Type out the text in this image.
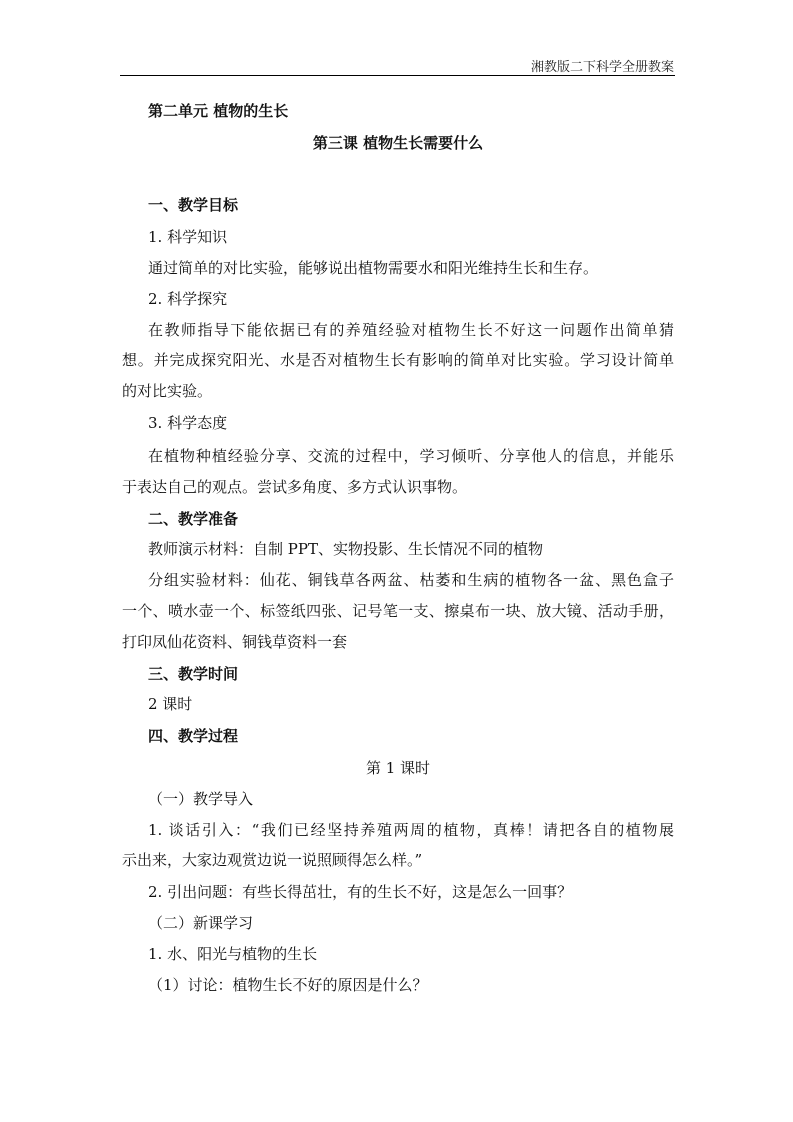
湘教版二下科学全册教案
第二单元 植物的生长
第三课 植物生长需要什么
一、教学目标
1. 科学知识
通过简单的对比实验，能够说出植物需要水和阳光维持生长和生存。
2. 科学探究
在教师指导下能依据已有的养殖经验对植物生长不好这一问题作出简单猜
想。并完成探究阳光、水是否对植物生长有影响的简单对比实验。学习设计简单
的对比实验。
3. 科学态度
在植物种植经验分享、交流的过程中，学习倾听、分享他人的信息，并能乐
于表达自己的观点。尝试多角度、多方式认识事物。
二、教学准备
教师演示材料：自制 PPT、实物投影、生长情况不同的植物
分组实验材料：仙花、铜钱草各两盆、枯萎和生病的植物各一盆、黑色盒子
一个、喷水壶一个、标签纸四张、记号笔一支、擦桌布一块、放大镜、活动手册，
打印凤仙花资料、铜钱草资料一套
三、教学时间
2 课时
四、教学过程
第 1 课时
（一）教学导入
1. 谈话引入：“我们已经坚持养殖两周的植物，真棒！请把各自的植物展
示出来，大家边观赏边说一说照顾得怎么样。”
2. 引出问题：有些长得茁壮，有的生长不好，这是怎么一回事？
（二）新课学习
1. 水、阳光与植物的生长
（1）讨论：植物生长不好的原因是什么？
